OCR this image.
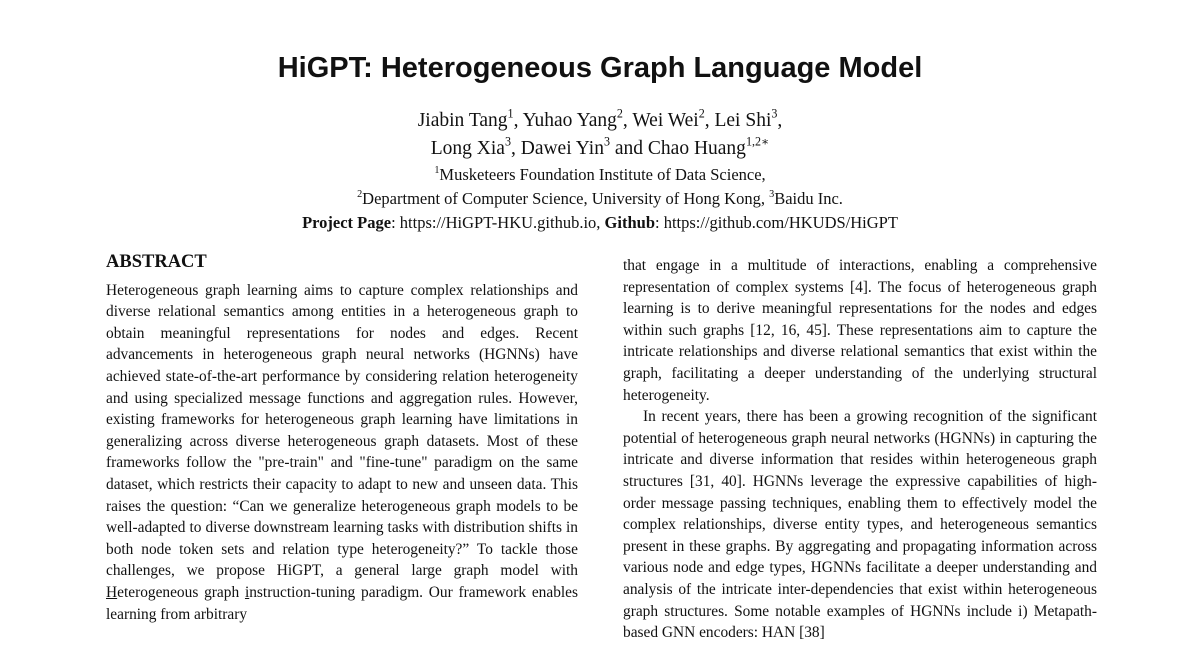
HiGPT: Heterogeneous Graph Language Model
Jiabin Tang$^1$, Yuhao Yang$^2$, Wei Wei$^2$, Lei Shi$^3$,
Long Xia$^3$, Dawei Yin$^3$ and Chao Huang$^{1,2∗}$
$^1$Musketeers Foundation Institute of Data Science,
$^2$Department of Computer Science, University of Hong Kong, $^3$Baidu Inc.
Project Page: https://HiGPT-HKU.github.io, Github: https://github.com/HKUDS/HiGPT
ABSTRACT

Heterogeneous graph learning aims to capture complex relationships and diverse relational semantics among entities in a heterogeneous graph to obtain meaningful representations for nodes and edges. Recent advancements in heterogeneous graph neural networks (HGNNs) have achieved state-of-the-art performance by considering relation heterogeneity and using specialized message functions and aggregation rules. However, existing frameworks for heterogeneous graph learning have limitations in generalizing across diverse heterogeneous graph datasets. Most of these frameworks follow the "pre-train" and "fine-tune" paradigm on the same dataset, which restricts their capacity to adapt to new and unseen data. This raises the question: “Can we generalize heterogeneous graph models to be well-adapted to diverse downstream learning tasks with distribution shifts in both node token sets and relation type heterogeneity?” To tackle those challenges, we propose HiGPT, a general large graph model with Heterogeneous graph instruction-tuning paradigm. Our framework enables learning from arbitrary

that engage in a multitude of interactions, enabling a comprehensive representation of complex systems [4]. The focus of heterogeneous graph learning is to derive meaningful representations for the nodes and edges within such graphs [12, 16, 45]. These representations aim to capture the intricate relationships and diverse relational semantics that exist within the graph, facilitating a deeper understanding of the underlying structural heterogeneity.

In recent years, there has been a growing recognition of the significant potential of heterogeneous graph neural networks (HGNNs) in capturing the intricate and diverse information that resides within heterogeneous graph structures [31, 40]. HGNNs leverage the expressive capabilities of high-order message passing techniques, enabling them to effectively model the complex relationships, diverse entity types, and heterogeneous semantics present in these graphs. By aggregating and propagating information across various node and edge types, HGNNs facilitate a deeper understanding and analysis of the intricate inter-dependencies that exist within heterogeneous graph structures. Some notable examples of HGNNs include i) Metapath-based GNN encoders: HAN [38]
